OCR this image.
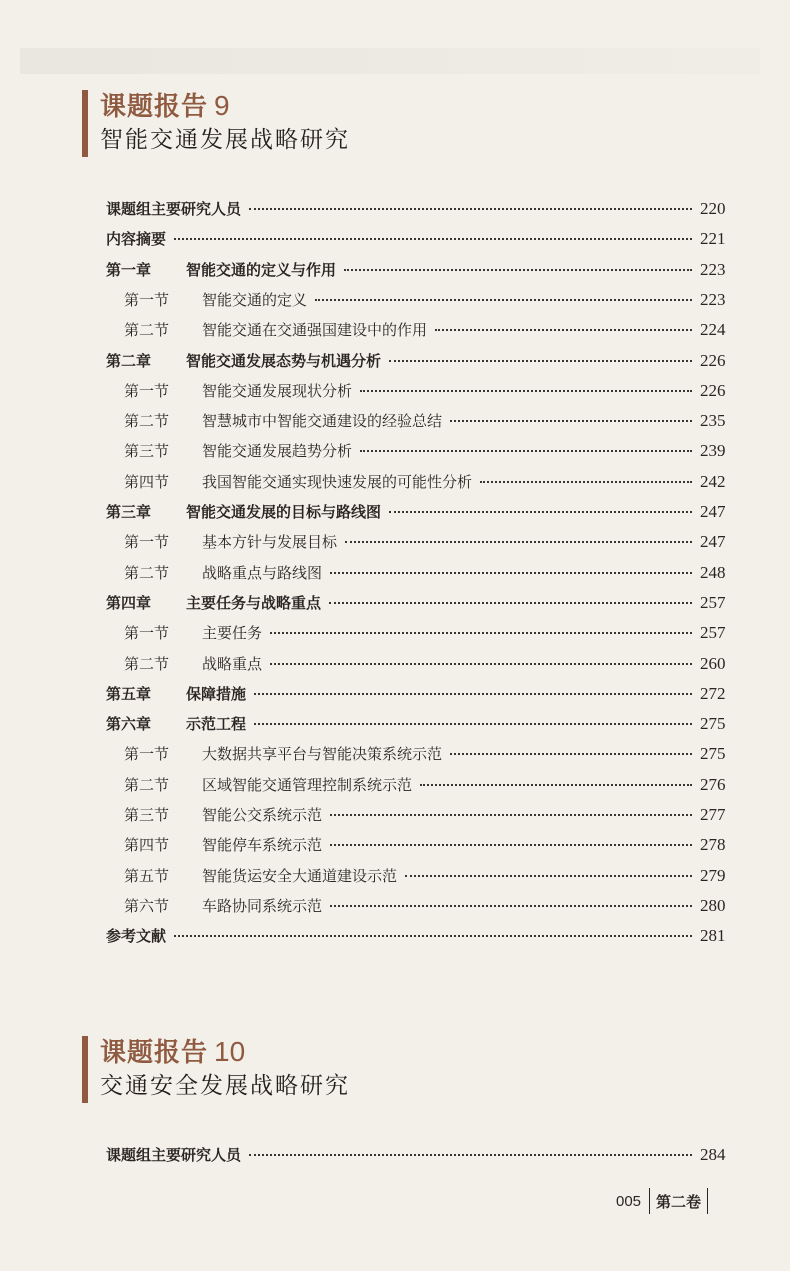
课题报告 9
智能交通发展战略研究
课题组主要研究人员	220
内容摘要	221
第一章 智能交通的定义与作用	223
第一节 智能交通的定义	223
第二节 智能交通在交通强国建设中的作用	224
第二章 智能交通发展态势与机遇分析	226
第一节 智能交通发展现状分析	226
第二节 智慧城市中智能交通建设的经验总结	235
第三节 智能交通发展趋势分析	239
第四节 我国智能交通实现快速发展的可能性分析	242
第三章 智能交通发展的目标与路线图	247
第一节 基本方针与发展目标	247
第二节 战略重点与路线图	248
第四章 主要任务与战略重点	257
第一节 主要任务	257
第二节 战略重点	260
第五章 保障措施	272
第六章 示范工程	275
第一节 大数据共享平台与智能决策系统示范	275
第二节 区域智能交通管理控制系统示范	276
第三节 智能公交系统示范	277
第四节 智能停车系统示范	278
第五节 智能货运安全大通道建设示范	279
第六节 车路协同系统示范	280
参考文献	281
课题报告 10
交通安全发展战略研究
课题组主要研究人员	284
005 第二卷
